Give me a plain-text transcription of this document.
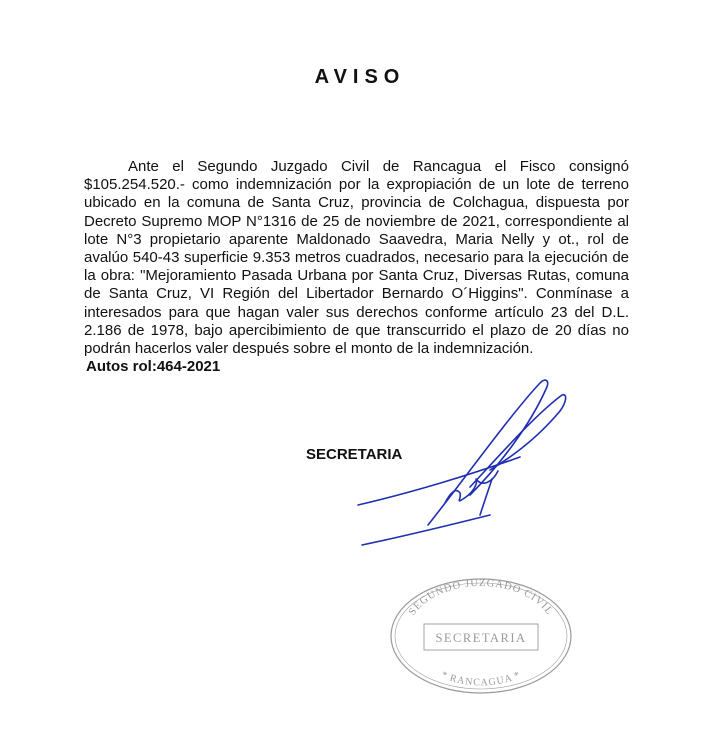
AVISO
Ante el Segundo Juzgado Civil de Rancagua el Fisco consignó $105.254.520.- como indemnización por la expropiación de un lote de terreno ubicado en la comuna de Santa Cruz, provincia de Colchagua, dispuesta por Decreto Supremo MOP N°1316 de 25 de noviembre de 2021, correspondiente al lote N°3 propietario aparente Maldonado Saavedra, Maria Nelly y ot., rol de avalúo 540-43 superficie 9.353 metros cuadrados, necesario para la ejecución de la obra: "Mejoramiento Pasada Urbana por Santa Cruz, Diversas Rutas, comuna de Santa Cruz, VI Región del Libertador Bernardo O´Higgins". Conmínase a interesados para que hagan valer sus derechos conforme artículo 23 del D.L. 2.186 de 1978, bajo apercibimiento de que transcurrido el plazo de 20 días no podrán hacerlos valer después sobre el monto de la indemnización.
Autos rol:464-2021
SECRETARIA
SEGUNDO JUZGADO CIVIL
SECRETARIA
* RANCAGUA *
